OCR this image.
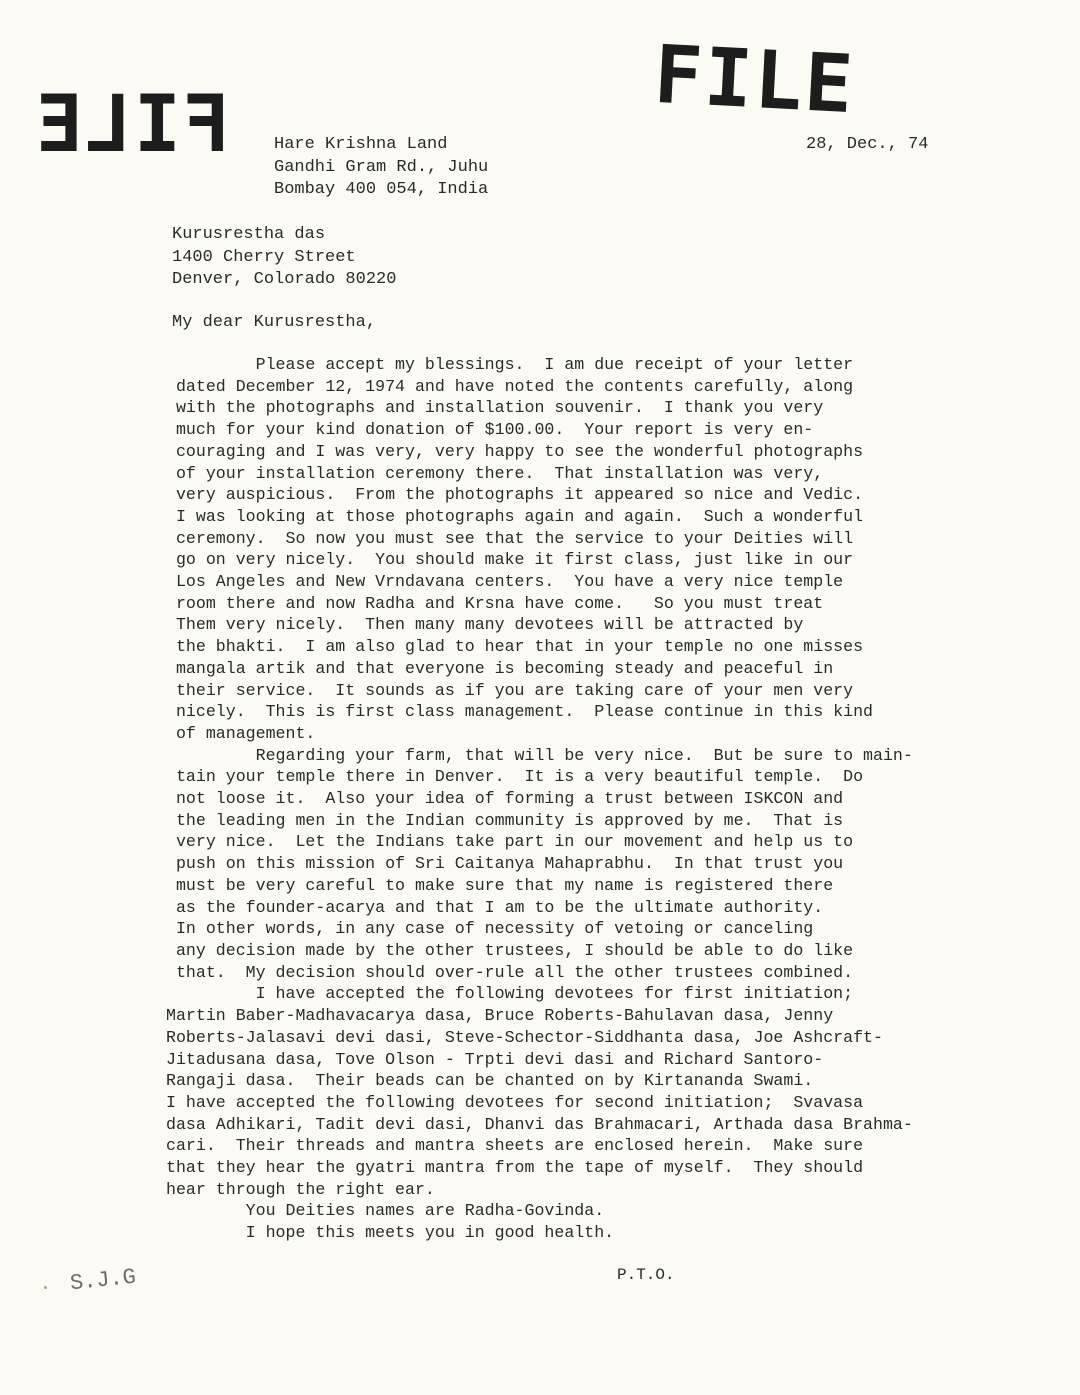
FILE	FILE
Hare Krishna Land
Gandhi Gram Rd., Juhu
Bombay 400 054, India
28, Dec., 74
Kurusrestha das
1400 Cherry Street
Denver, Colorado 80220
My dear Kurusrestha,
Please accept my blessings.  I am due receipt of your letter
dated December 12, 1974 and have noted the contents carefully, along
with the photographs and installation souvenir.  I thank you very
much for your kind donation of $100.00.  Your report is very en-
couraging and I was very, very happy to see the wonderful photographs
of your installation ceremony there.  That installation was very,
very auspicious.  From the photographs it appeared so nice and Vedic.
I was looking at those photographs again and again.  Such a wonderful
ceremony.  So now you must see that the service to your Deities will
go on very nicely.  You should make it first class, just like in our
Los Angeles and New Vrndavana centers.  You have a very nice temple
room there and now Radha and Krsna have come.   So you must treat
Them very nicely.  Then many many devotees will be attracted by
the bhakti.  I am also glad to hear that in your temple no one misses
mangala artik and that everyone is becoming steady and peaceful in
their service.  It sounds as if you are taking care of your men very
nicely.  This is first class management.  Please continue in this kind
of management.
Regarding your farm, that will be very nice.  But be sure to main-
tain your temple there in Denver.  It is a very beautiful temple.  Do
not loose it.  Also your idea of forming a trust between ISKCON and
the leading men in the Indian community is approved by me.  That is
very nice.  Let the Indians take part in our movement and help us to
push on this mission of Sri Caitanya Mahaprabhu.  In that trust you
must be very careful to make sure that my name is registered there
as the founder-acarya and that I am to be the ultimate authority.
In other words, in any case of necessity of vetoing or canceling
any decision made by the other trustees, I should be able to do like
that.  My decision should over-rule all the other trustees combined.
I have accepted the following devotees for first initiation;
Martin Baber-Madhavacarya dasa, Bruce Roberts-Bahulavan dasa, Jenny
Roberts-Jalasavi devi dasi, Steve-Schector-Siddhanta dasa, Joe Ashcraft-
Jitadusana dasa, Tove Olson - Trpti devi dasi and Richard Santoro-
Rangaji dasa.  Their beads can be chanted on by Kirtananda Swami.
I have accepted the following devotees for second initiation;  Svavasa
dasa Adhikari, Tadit devi dasi, Dhanvi das Brahmacari, Arthada dasa Brahma-
cari.  Their threads and mantra sheets are enclosed herein.  Make sure
that they hear the gyatri mantra from the tape of myself.  They should
hear through the right ear.
You Deities names are Radha-Govinda.
I hope this meets you in good health.
P.T.O.
S.J.G
